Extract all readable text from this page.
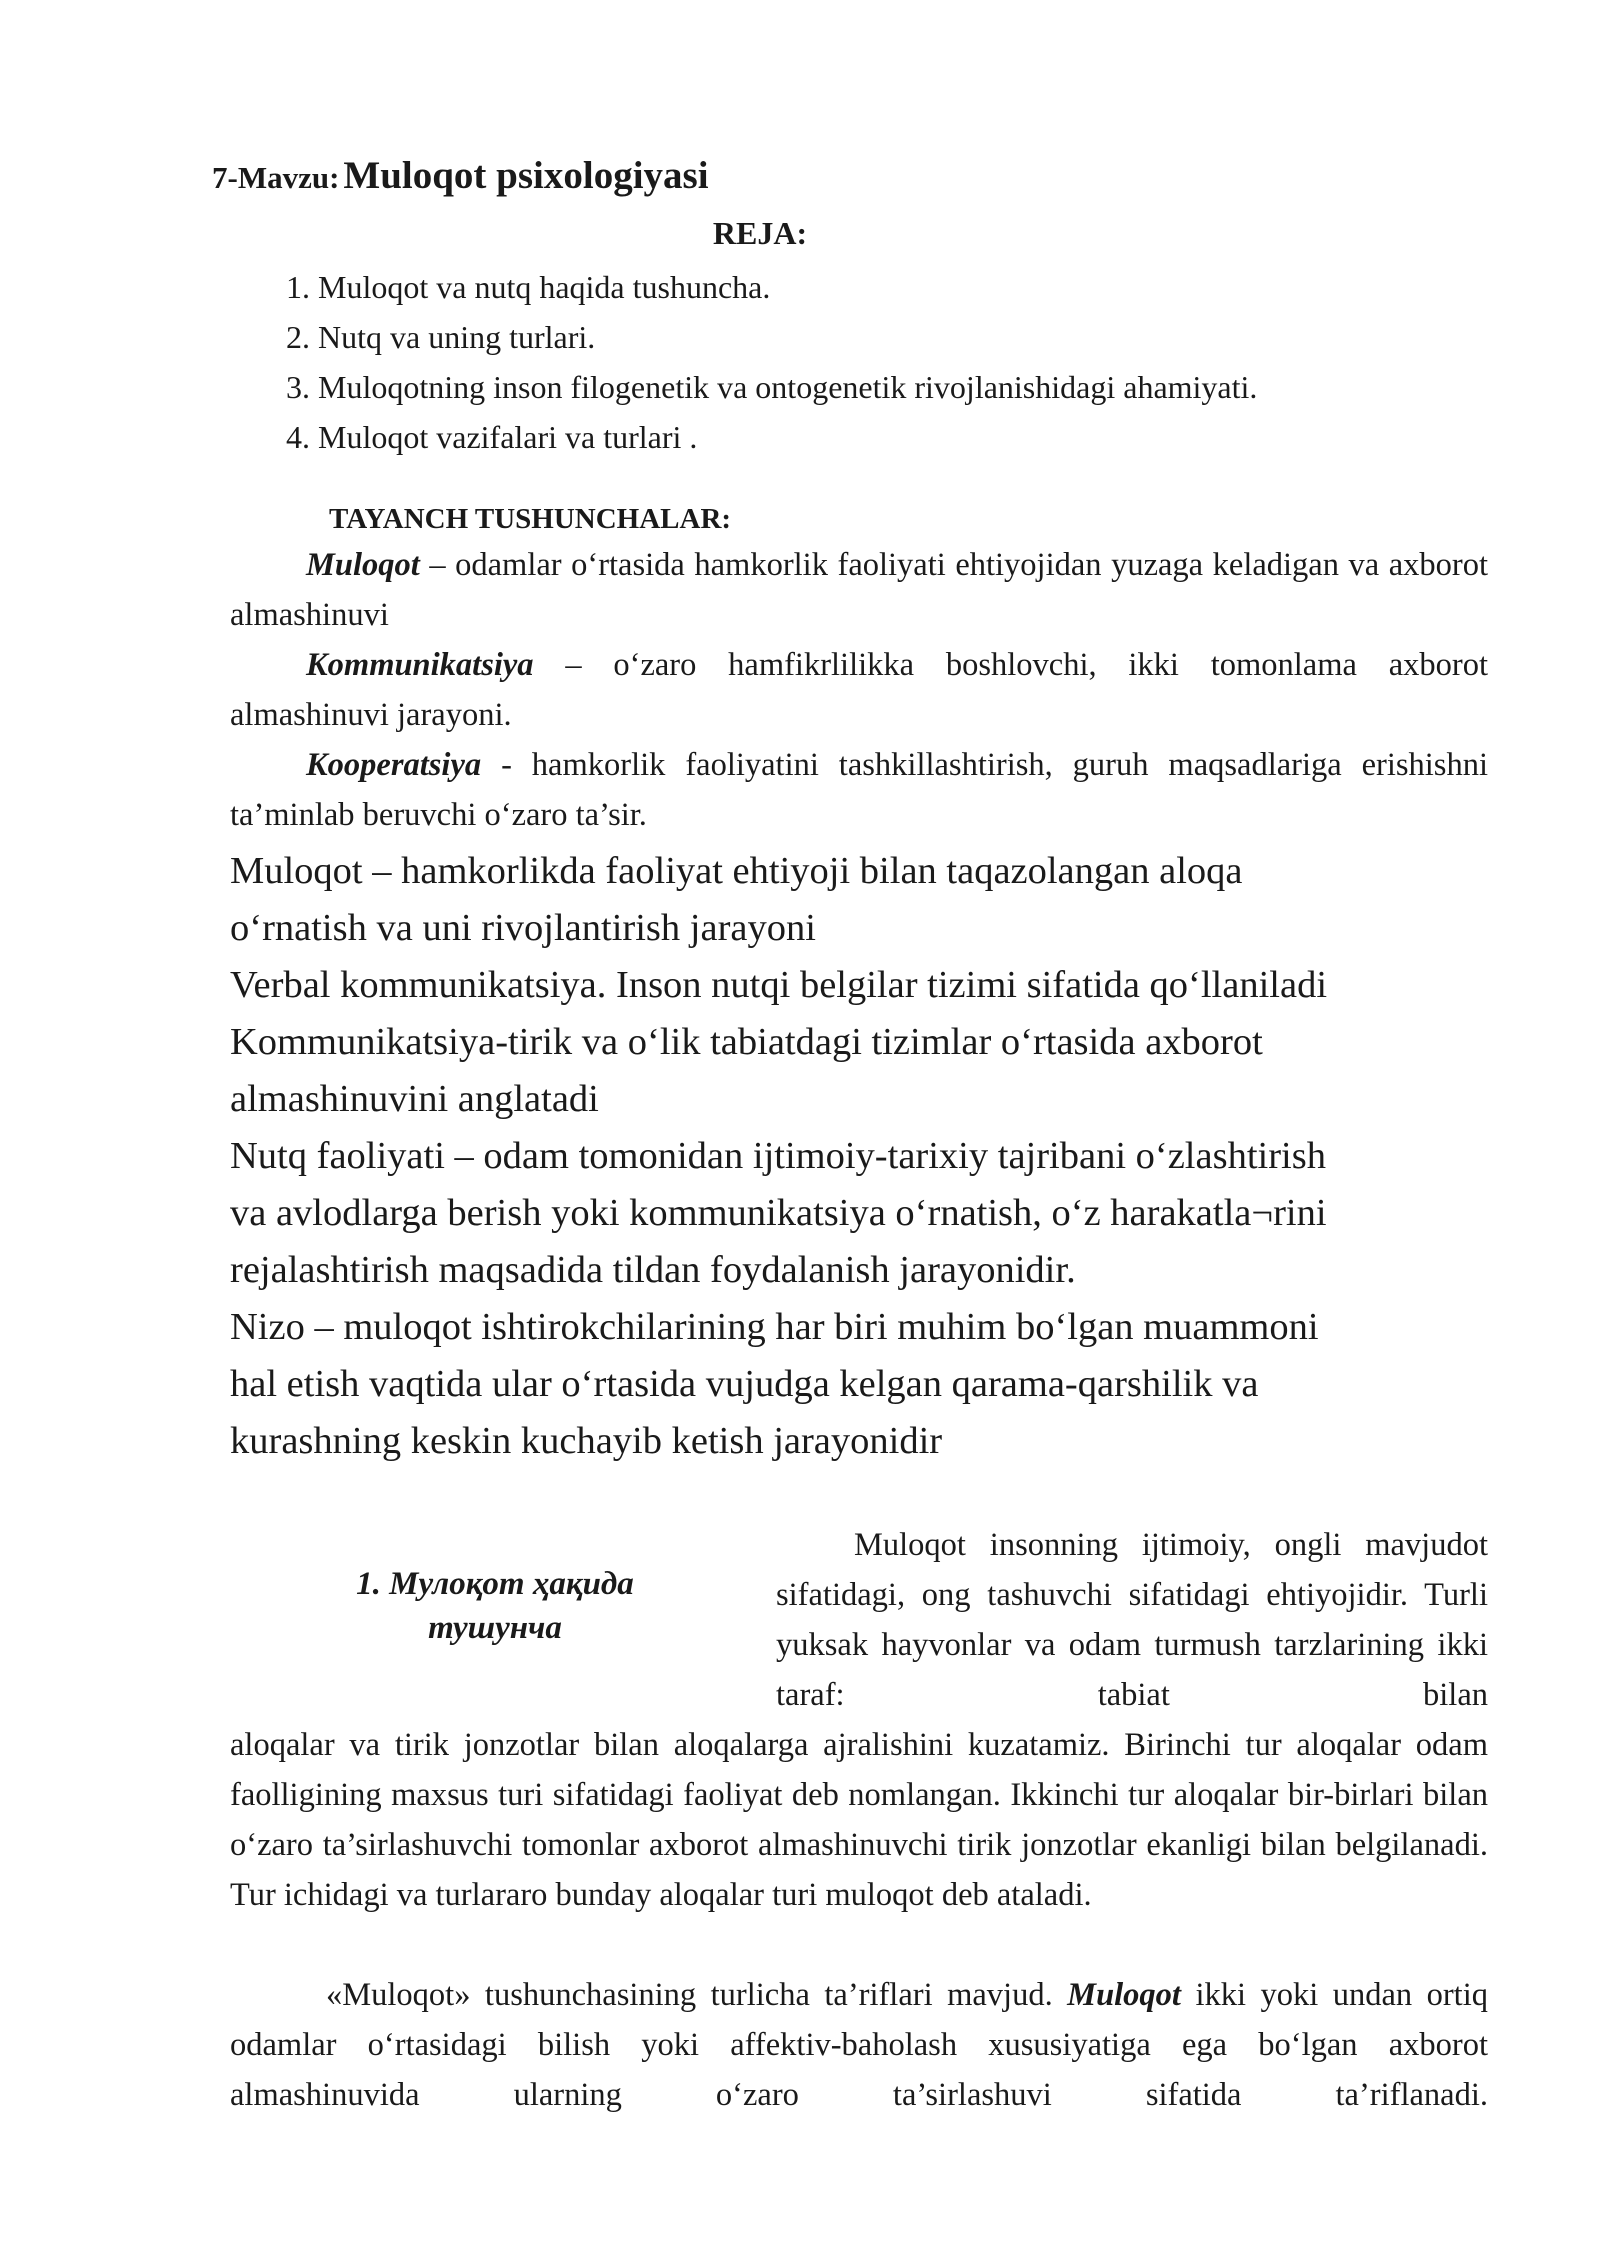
7-Mavzu: Muloqot psixologiyasi
REJA:
1. Muloqot va nutq haqida tushuncha.
2. Nutq va uning turlari.
3. Muloqotning inson filogenetik va ontogenetik rivojlanishidagi ahamiyati.
4. Muloqot vazifalari va turlari .
TAYANCH TUSHUNCHALAR:

Muloqot – odamlar o‘rtasida hamkorlik faoliyati ehtiyojidan yuzaga keladigan va axborot almashinuvi

Kommunikatsiya – o‘zaro hamfikrlilikka boshlovchi, ikki tomonlama axborot almashinuvi jarayoni.

Kooperatsiya - hamkorlik faoliyatini tashkillashtirish, guruh maqsadlariga erishishni ta’minlab beruvchi o‘zaro ta’sir.

Muloqot – hamkorlikda faoliyat ehtiyoji bilan taqazolangan aloqa

o‘rnatish va uni rivojlantirish jarayoni

Verbal kommunikatsiya. Inson nutqi belgilar tizimi sifatida qo‘llaniladi

Kommunikatsiya-tirik va o‘lik tabiatdagi tizimlar o‘rtasida axborot

almashinuvini anglatadi

Nutq faoliyati – odam tomonidan ijtimoiy-tarixiy tajribani o‘zlashtirish

va avlodlarga berish yoki kommunikatsiya o‘rnatish, o‘z harakatla¬rini

rejalashtirish maqsadida tildan foydalanish jarayonidir.

Nizo – muloqot ishtirokchilarining har biri muhim bo‘lgan muammoni

hal etish vaqtida ular o‘rtasida vujudga kelgan qarama-qarshilik va

kurashning keskin kuchayib ketish jarayonidir

1. Мулоқот ҳақида
тушунча

Muloqot insonning ijtimoiy, ongli mavjudot sifatidagi, ong tashuvchi sifatidagi ehtiyojidir. Turli yuksak hayvonlar va odam turmush tarzlarining ikki taraf: tabiat bilan

aloqalar va tirik jonzotlar bilan aloqalarga ajralishini kuzatamiz. Birinchi tur aloqalar odam faolligining maxsus turi sifatidagi faoliyat deb nomlangan. Ikkinchi tur aloqalar bir-birlari bilan o‘zaro ta’sirlashuvchi tomonlar axborot almashinuvchi tirik jonzotlar ekanligi bilan belgilanadi. Tur ichidagi va turlararo bunday aloqalar turi muloqot deb ataladi.

«Muloqot» tushunchasining turlicha ta’riflari mavjud. Muloqot ikki yoki undan ortiq odamlar o‘rtasidagi bilish yoki affektiv-baholash xususiyatiga ega bo‘lgan axborot almashinuvida ularning o‘zaro ta’sirlashuvi sifatida ta’riflanadi.
